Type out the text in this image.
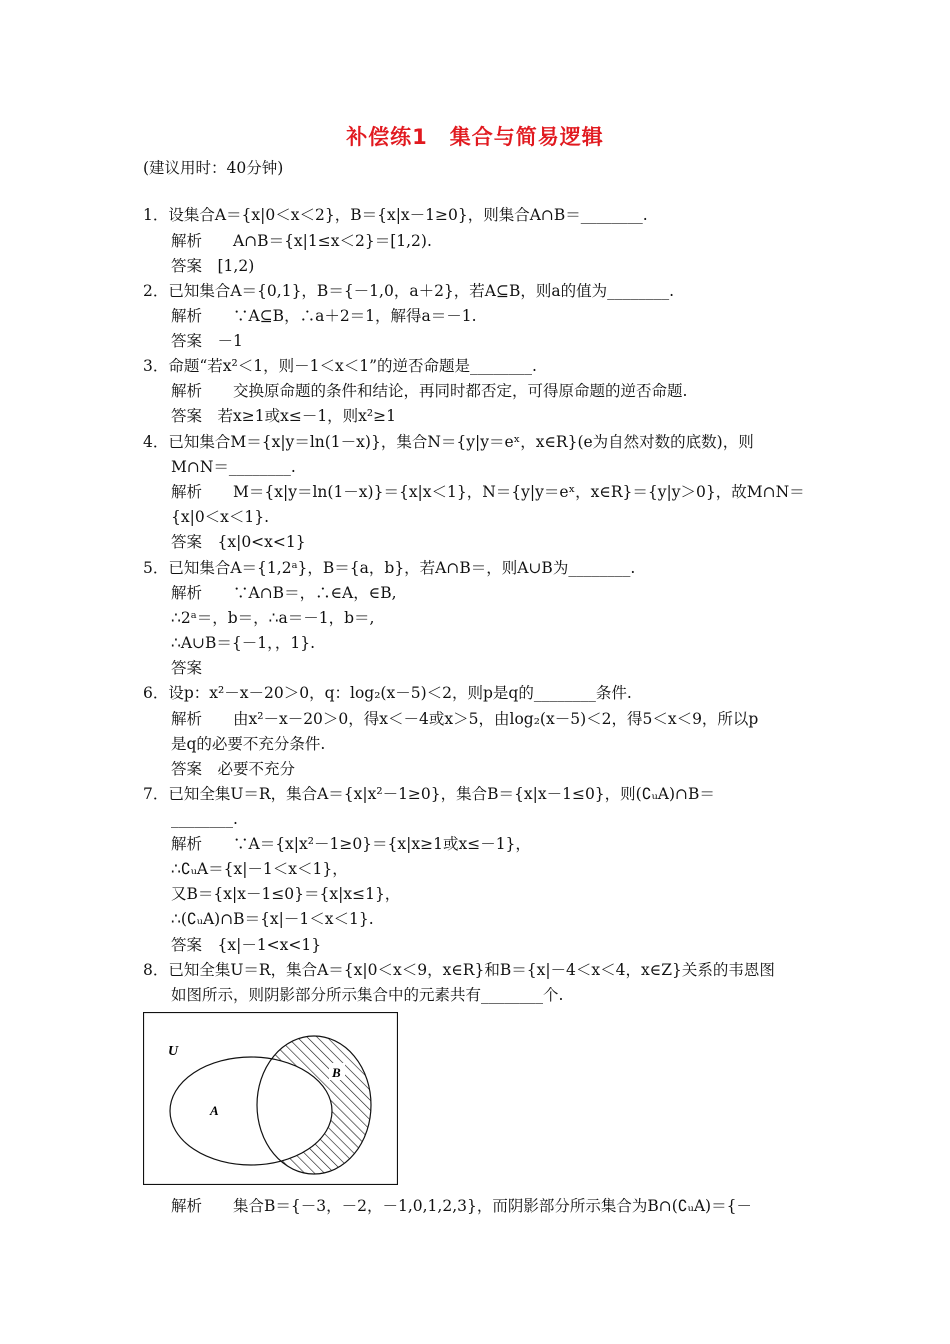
补偿练1　集合与简易逻辑
(建议用时：40分钟)
1．设集合A＝{x|0＜x＜2}，B＝{x|x－1≥0}，则集合A∩B＝________.
解析　　A∩B＝{x|1≤x＜2}＝[1,2).
答案　[1,2)
2．已知集合A＝{0,1}，B＝{－1,0，a＋2}，若A⊆B，则a的值为________.
解析　　∵A⊆B，∴a＋2＝1，解得a＝－1.
答案　－1
3．命题“若x²＜1，则－1＜x＜1”的逆否命题是________.
解析　　交换原命题的条件和结论，再同时都否定，可得原命题的逆否命题.
答案　若x≥1或x≤－1，则x²≥1
4．已知集合M＝{x|y＝ln(1－x)}，集合N＝{y|y＝eˣ，x∈R}(e为自然对数的底数)，则
M∩N＝________.
解析　　M＝{x|y＝ln(1－x)}＝{x|x＜1}，N＝{y|y＝eˣ，x∈R}＝{y|y＞0}，故M∩N＝
{x|0＜x＜1}.
答案　{x|0<x<1}
5．已知集合A＝{1,2ᵃ}，B＝{a，b}，若A∩B＝，则A∪B为________.
解析　　∵A∩B＝，∴∈A，∈B,
∴2ᵃ＝，b＝，∴a＝－1，b＝,
∴A∪B＝{－1，，1}.
答案
6．设p：x²－x－20＞0，q：log₂(x－5)＜2，则p是q的________条件.
解析　　由x²－x－20＞0，得x＜－4或x＞5，由log₂(x－5)＜2，得5＜x＜9，所以p
是q的必要不充分条件.
答案　必要不充分
7．已知全集U＝R，集合A＝{x|x²－1≥0}，集合B＝{x|x－1≤0}，则(∁ᵤA)∩B＝
________.
解析　　∵A＝{x|x²－1≥0}＝{x|x≥1或x≤－1}，
∴∁ᵤA＝{x|－1＜x＜1}，
又B＝{x|x－1≤0}＝{x|x≤1}，
∴(∁ᵤA)∩B＝{x|－1＜x＜1}.
答案　{x|－1<x<1}
8．已知全集U＝R，集合A＝{x|0＜x＜9，x∈R}和B＝{x|－4＜x＜4，x∈Z}关系的韦恩图
如图所示，则阴影部分所示集合中的元素共有________个.
U
A
B
解析　　集合B＝{－3，－2，－1,0,1,2,3}，而阴影部分所示集合为B∩(∁ᵤA)＝{－
